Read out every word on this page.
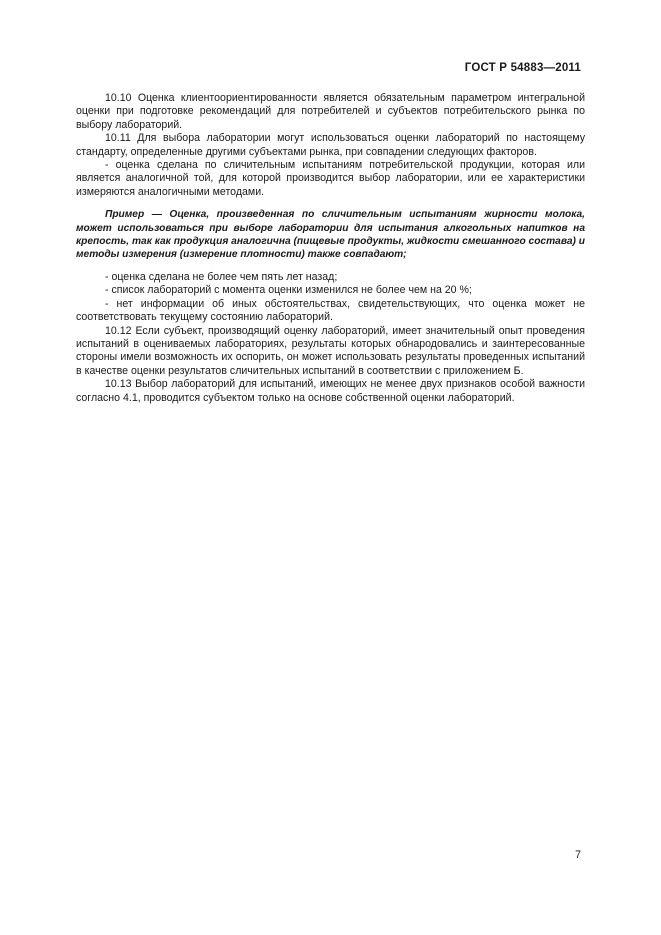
ГОСТ Р 54883—2011

10.10 Оценка клиентоориентированности является обязательным параметром интегральной оценки при подготовке рекомендаций для потребителей и субъектов потребительского рынка по выбору лабораторий.

10.11 Для выбора лаборатории могут использоваться оценки лабораторий по настоящему стандарту, определенные другими субъектами рынка, при совпадении следующих факторов.

- оценка сделана по сличительным испытаниям потребительской продукции, которая или является аналогичной той, для которой производится выбор лаборатории, или ее характеристики измеряются аналогичными методами.

Пример — Оценка, произведенная по сличительным испытаниям жирности молока, может использоваться при выборе лаборатории для испытания алкогольных напитков на крепость, так как продукция аналогична (пищевые продукты, жидкости смешанного состава) и методы измерения (измерение плотности) также совпадают;

- оценка сделана не более чем пять лет назад;

- список лабораторий с момента оценки изменился не более чем на 20 %;

- нет информации об иных обстоятельствах, свидетельствующих, что оценка может не соответствовать текущему состоянию лабораторий.

10.12 Если субъект, производящий оценку лабораторий, имеет значительный опыт проведения испытаний в оцениваемых лабораториях, результаты которых обнародовались и заинтересованные стороны имели возможность их оспорить, он может использовать результаты проведенных испытаний в качестве оценки результатов сличительных испытаний в соответствии с приложением Б.

10.13 Выбор лабораторий для испытаний, имеющих не менее двух признаков особой важности согласно 4.1, проводится субъектом только на основе собственной оценки лабораторий.

7
